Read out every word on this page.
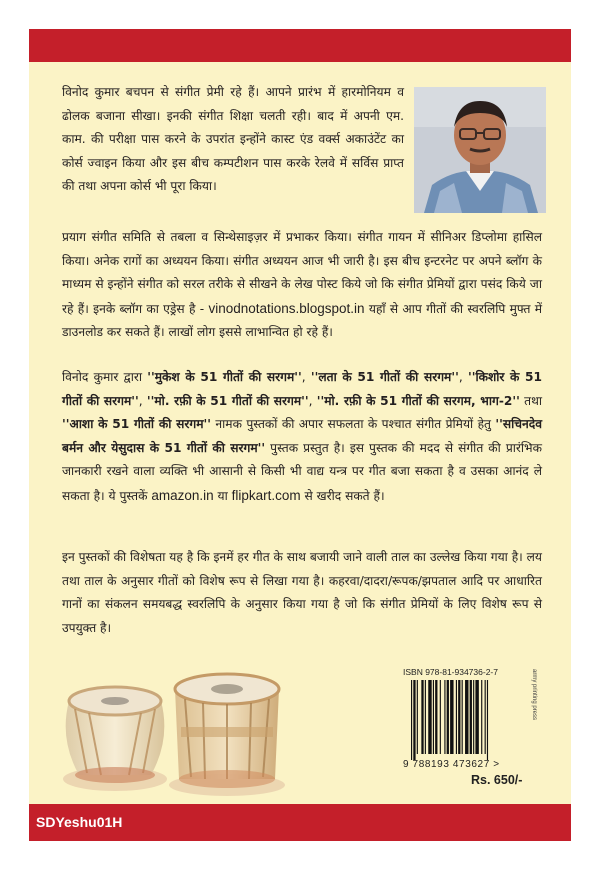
विनोद कुमार बचपन से संगीत प्रेमी रहे हैं। आपने प्रारंभ में हारमोनियम व ढोलक बजाना सीखा। इनकी संगीत शिक्षा चलती रही। बाद में अपनी एम. काम. की परीक्षा पास करने के उपरांत इन्होंने कास्ट एंड वर्क्स अकाउंटेंट का कोर्स ज्वाइन किया और इस बीच कम्पटीशन पास करके रेलवे में सर्विस प्राप्त की तथा अपना कोर्स भी पूरा किया।

प्रयाग संगीत समिति से तबला व सिन्थेसाइज़र में प्रभाकर किया। संगीत गायन में सीनिअर डिप्लोमा हासिल किया। अनेक रागों का अध्ययन किया। संगीत अध्ययन आज भी जारी है। इस बीच इन्टरनेट पर अपने ब्लॉग के माध्यम से इन्होंने संगीत को सरल तरीके से सीखने के लेख पोस्ट किये जो कि संगीत प्रेमियों द्वारा पसंद किये जा रहे हैं। इनके ब्लॉग का एड्रेस है - vinodnotations.blogspot.in यहाँ से आप गीतों की स्वरलिपि मुफ्त में डाउनलोड कर सकते हैं। लाखों लोग इससे लाभान्वित हो रहे हैं।

विनोद कुमार द्वारा ''मुकेश के 51 गीतों की सरगम'', ''लता के 51 गीतों की सरगम'', ''किशोर के 51 गीतों की सरगम'', ''मो. रफ़ी के 51 गीतों की सरगम'', ''मो. रफ़ी के 51 गीतों की सरगम, भाग-2'' तथा ''आशा के 51 गीतों की सरगम'' नामक पुस्तकों की अपार सफलता के पश्चात संगीत प्रेमियों हेतु ''सचिनदेव बर्मन और येसुदास के 51 गीतों की सरगम'' पुस्तक प्रस्तुत है। इस पुस्तक की मदद से संगीत की प्रारंभिक जानकारी रखने वाला व्यक्ति भी आसानी से किसी भी वाद्य यन्त्र पर गीत बजा सकता है व उसका आनंद ले सकता है। ये पुस्तकें amazon.in या flipkart.com से खरीद सकते हैं।

इन पुस्तकों की विशेषता यह है कि इनमें हर गीत के साथ बजायी जाने वाली ताल का उल्लेख किया गया है। लय तथा ताल के अनुसार गीतों को विशेष रूप से लिखा गया है। कहरवा/दादरा/रूपक/झपताल आदि पर आधारित गानों का संकलन समयबद्ध स्वरलिपि के अनुसार किया गया है जो कि संगीत प्रेमियों के लिए विशेष रूप से उपयुक्त है।

ISBN 978-81-934736-2-7
9 788193 473627 >
army printing press
Rs. 650/-
SDYeshu01H
